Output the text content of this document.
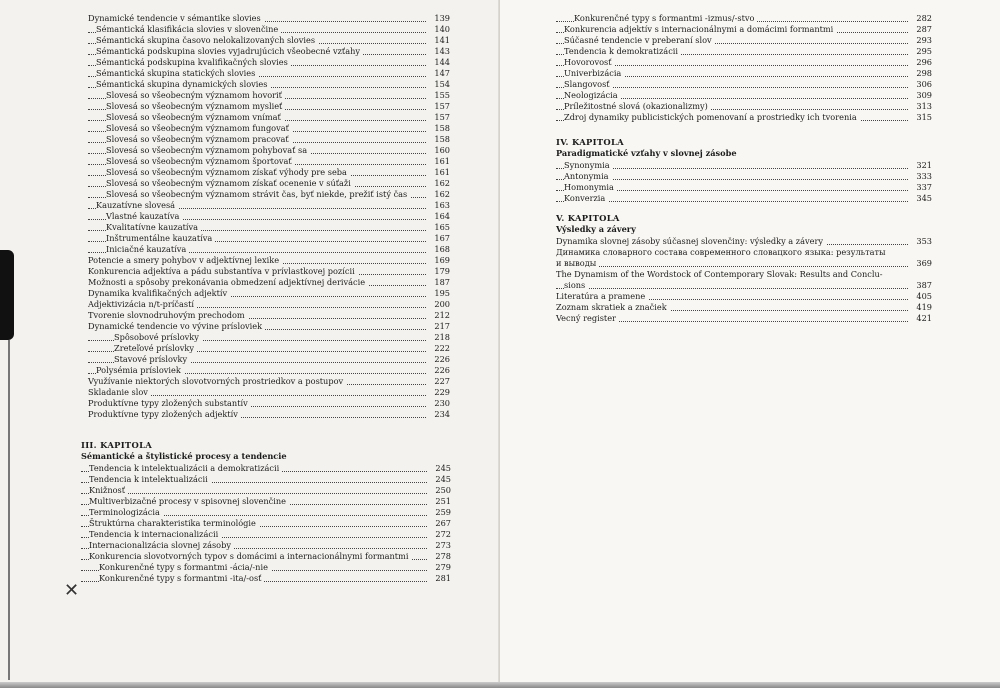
Dynamické tendencie v sémantike slovies	139
Sémantická klasifikácia slovies v slovenčine	140
Sémantická skupina časovo nelokalizovaných slovies	141
Sémantická podskupina slovies vyjadrujúcich všeobecné vzťahy	143
Sémantická podskupina kvalifikačných slovies	144
Sémantická skupina statických slovies	147
Sémantická skupina dynamických slovies	154
Slovesá so všeobecným významom hovoriť	155
Slovesá so všeobecným významom myslieť	157
Slovesá so všeobecným významom vnímať	157
Slovesá so všeobecným významom fungovať	158
Slovesá so všeobecným významom pracovať	158
Slovesá so všeobecným významom pohybovať sa	160
Slovesá so všeobecným významom športovať	161
Slovesá so všeobecným významom získať výhody pre seba	161
Slovesá so všeobecným významom získať ocenenie v súťaži	162
Slovesá so všeobecným významom strávit čas, byť niekde, prežiť istý čas	162
Kauzatívne slovesá	163
Vlastné kauzatíva	164
Kvalitatívne kauzatíva	165
Inštrumentálne kauzatíva	167
Iniciačné kauzatíva	168
Potencie a smery pohybov v adjektívnej lexike	169
Konkurencia adjektíva a pádu substantíva v prívlastkovej pozícii	179
Možnosti a spôsoby prekonávania obmedzení adjektívnej derivácie	187
Dynamika kvalifikačných adjektív	195
Adjektivizácia n/t-príčastí	200
Tvorenie slovnodruhovým prechodom	212
Dynamické tendencie vo vývine prísloviek	217
Spôsobové príslovky	218
Zreteľové príslovky	222
Stavové príslovky	226
Polysémia prísloviek	226
Využívanie niektorých slovotvorných prostriedkov a postupov	227
Skladanie slov	229
Produktívne typy zložených substantív	230
Produktívne typy zložených adjektív	234
III. KAPITOLA
Sémantické a štylistické procesy a tendencie
Tendencia k intelektualizácii a demokratizácii	245
Tendencia k intelektualizácii	245
Knižnosť	250
Multiverbizačné procesy v spisovnej slovenčine	251
Terminologizácia	259
Štruktúrna charakteristika terminológie	267
Tendencia k internacionalizácii	272
Internacionalizácia slovnej zásoby	273
Konkurencia slovotvorných typov s domácimi a internacionálnymi formantmi	278
Konkurenčné typy s formantmi -ácia/-nie	279
Konkurenčné typy s formantmi -ita/-osť	281
✕
Konkurenčné typy s formantmi -izmus/-stvo	282
Konkurencia adjektív s internacionálnymi a domácimi formantmi	287
Súčasné tendencie v preberaní slov	293
Tendencia k demokratizácii	295
Hovorovosť	296
Univerbizácia	298
Slangovosť	306
Neologizácia	309
Príležitostné slová (okazionalizmy)	313
Zdroj dynamiky publicistických pomenovaní a prostriedky ich tvorenia	315
IV. KAPITOLA
Paradigmatické vzťahy v slovnej zásobe
Synonymia	321
Antonymia	333
Homonymia	337
Konverzia	345
V. KAPITOLA
Výsledky a závery
Dynamika slovnej zásoby súčasnej slovenčiny: výsledky a závery	353
Динамика словарного состава современного словацкого языка: результаты
и выводы	369
The Dynamism of the Wordstock of Contemporary Slovak: Results and Conclu-
sions	387
Literatúra a pramene	405
Zoznam skratiek a značiek	419
Vecný register	421
